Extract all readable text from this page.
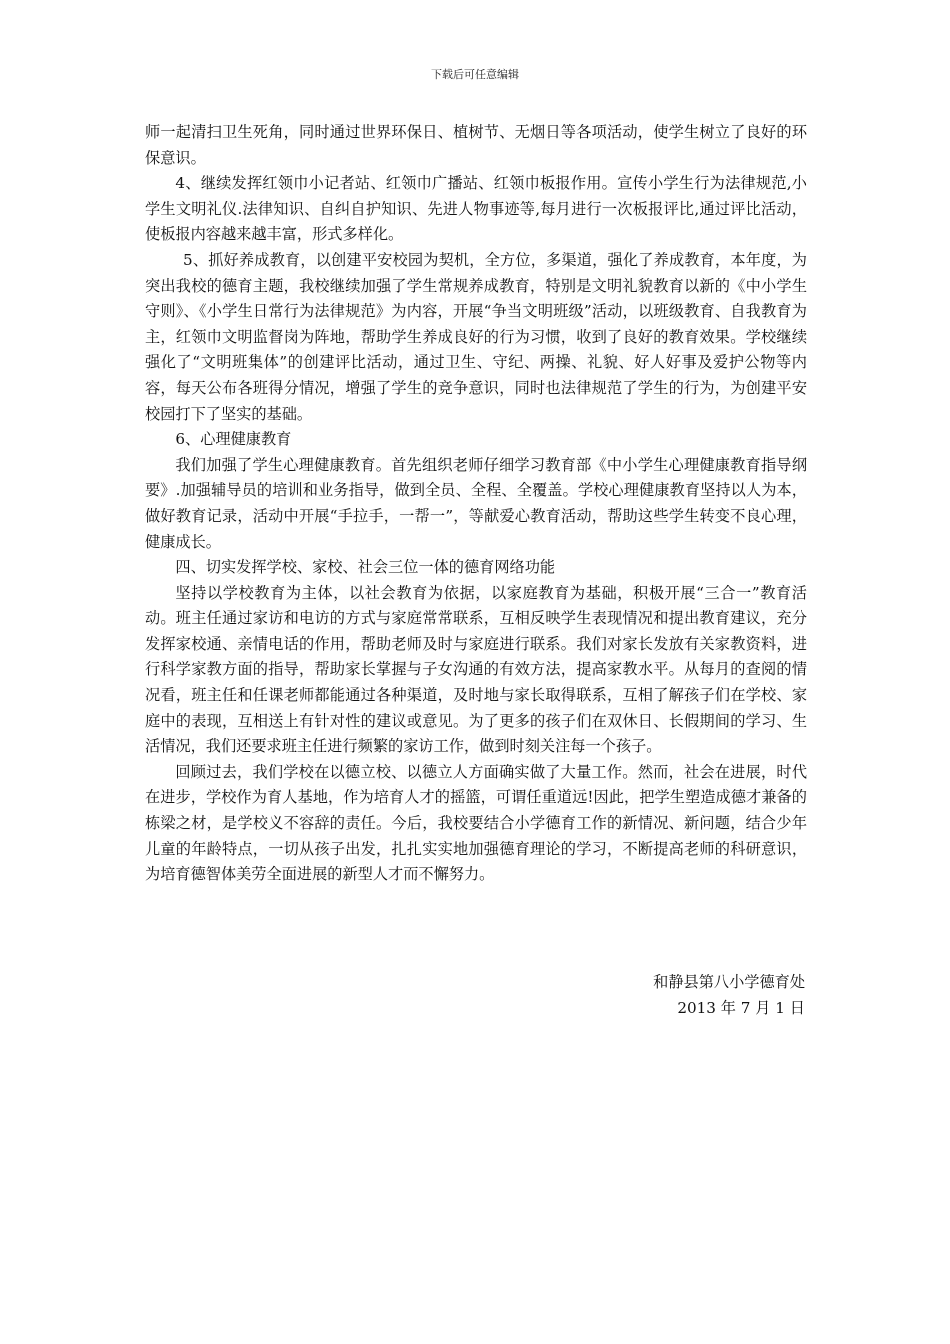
下载后可任意编辑

师一起清扫卫生死角，同时通过世界环保日、植树节、无烟日等各项活动，使学生树立了良好的环保意识。

4、继续发挥红领巾小记者站、红领巾广播站、红领巾板报作用。宣传小学生行为法律规范,小学生文明礼仪.法律知识、自纠自护知识、先进人物事迹等,每月进行一次板报评比,通过评比活动，使板报内容越来越丰富，形式多样化。

5、抓好养成教育，以创建平安校园为契机，全方位，多渠道，强化了养成教育，本年度，为突出我校的德育主题，我校继续加强了学生常规养成教育，特别是文明礼貌教育以新的《中小学生守则》、《小学生日常行为法律规范》为内容，开展“争当文明班级”活动，以班级教育、自我教育为主，红领巾文明监督岗为阵地，帮助学生养成良好的行为习惯，收到了良好的教育效果。学校继续强化了“文明班集体”的创建评比活动，通过卫生、守纪、两操、礼貌、好人好事及爱护公物等内容，每天公布各班得分情况，增强了学生的竞争意识，同时也法律规范了学生的行为，为创建平安校园打下了坚实的基础。

6、心理健康教育

我们加强了学生心理健康教育。首先组织老师仔细学习教育部《中小学生心理健康教育指导纲要》.加强辅导员的培训和业务指导，做到全员、全程、全覆盖。学校心理健康教育坚持以人为本，做好教育记录，活动中开展“手拉手，一帮一”，等献爱心教育活动，帮助这些学生转变不良心理，健康成长。

四、切实发挥学校、家校、社会三位一体的德育网络功能

坚持以学校教育为主体，以社会教育为依据，以家庭教育为基础，积极开展“三合一”教育活动。班主任通过家访和电访的方式与家庭常常联系，互相反映学生表现情况和提出教育建议，充分发挥家校通、亲情电话的作用，帮助老师及时与家庭进行联系。我们对家长发放有关家教资料，进行科学家教方面的指导，帮助家长掌握与子女沟通的有效方法，提高家教水平。从每月的查阅的情况看，班主任和任课老师都能通过各种渠道，及时地与家长取得联系，互相了解孩子们在学校、家庭中的表现，互相送上有针对性的建议或意见。为了更多的孩子们在双休日、长假期间的学习、生活情况，我们还要求班主任进行频繁的家访工作，做到时刻关注每一个孩子。

回顾过去，我们学校在以德立校、以德立人方面确实做了大量工作。然而，社会在进展，时代在进步，学校作为育人基地，作为培育人才的摇篮，可谓任重道远!因此，把学生塑造成德才兼备的栋梁之材，是学校义不容辞的责任。今后，我校要结合小学德育工作的新情况、新问题，结合少年儿童的年龄特点，一切从孩子出发，扎扎实实地加强德育理论的学习，不断提高老师的科研意识，为培育德智体美劳全面进展的新型人才而不懈努力。

和静县第八小学德育处
2013 年 7 月 1 日
